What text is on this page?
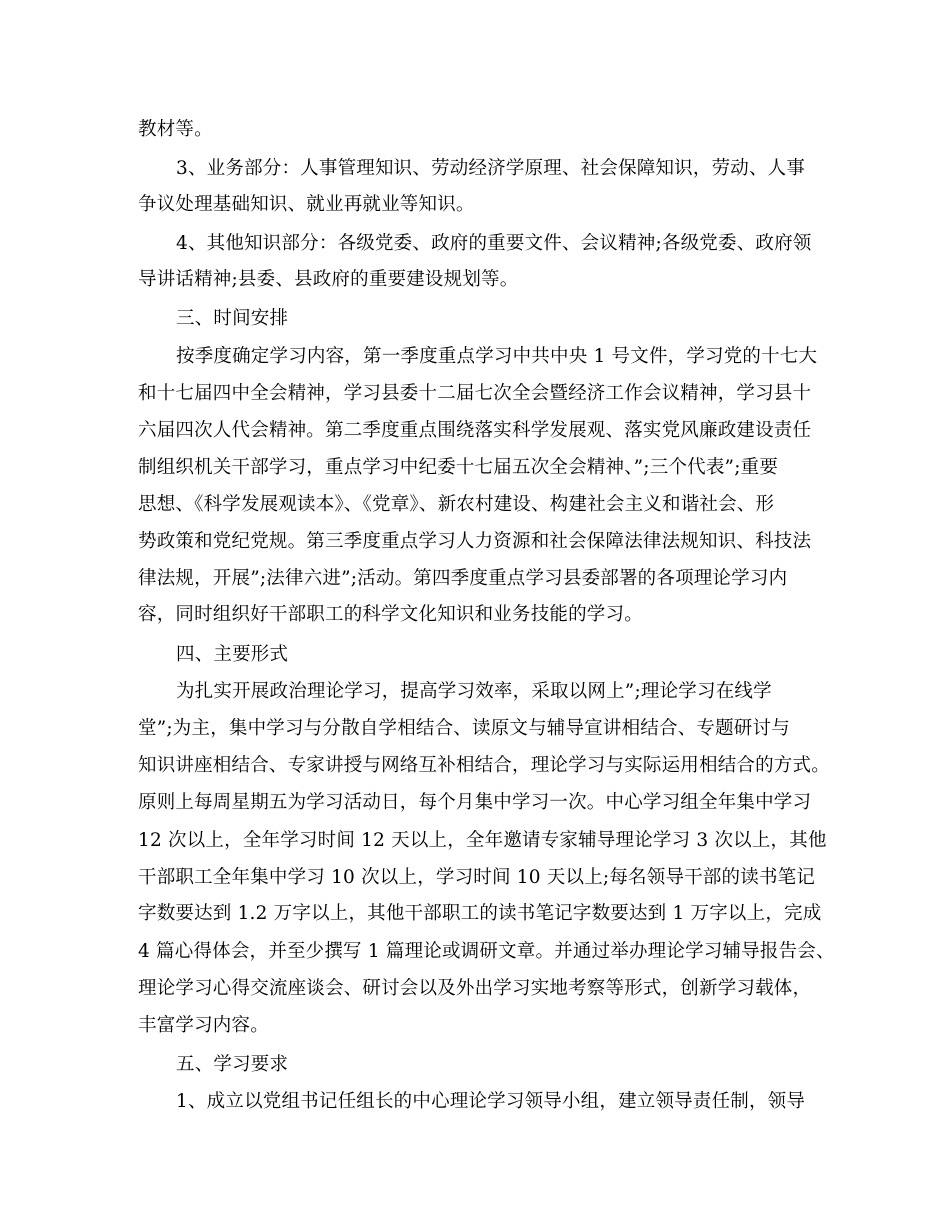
教材等。
3、业务部分：人事管理知识、劳动经济学原理、社会保障知识，劳动、人事
争议处理基础知识、就业再就业等知识。
4、其他知识部分：各级党委、政府的重要文件、会议精神;各级党委、政府领
导讲话精神;县委、县政府的重要建设规划等。
三、时间安排
按季度确定学习内容，第一季度重点学习中共中央 1 号文件，学习党的十七大
和十七届四中全会精神，学习县委十二届七次全会暨经济工作会议精神，学习县十
六届四次人代会精神。第二季度重点围绕落实科学发展观、落实党风廉政建设责任
制组织机关干部学习，重点学习中纪委十七届五次全会精神、”;三个代表”;重要
思想、《科学发展观读本》、《党章》、新农村建设、构建社会主义和谐社会、形
势政策和党纪党规。第三季度重点学习人力资源和社会保障法律法规知识、科技法
律法规，开展”;法律六进”;活动。第四季度重点学习县委部署的各项理论学习内
容，同时组织好干部职工的科学文化知识和业务技能的学习。
四、主要形式
为扎实开展政治理论学习，提高学习效率，采取以网上”;理论学习在线学
堂”;为主，集中学习与分散自学相结合、读原文与辅导宣讲相结合、专题研讨与
知识讲座相结合、专家讲授与网络互补相结合，理论学习与实际运用相结合的方式。
原则上每周星期五为学习活动日，每个月集中学习一次。中心学习组全年集中学习
12 次以上，全年学习时间 12 天以上，全年邀请专家辅导理论学习 3 次以上，其他
干部职工全年集中学习 10 次以上，学习时间 10 天以上;每名领导干部的读书笔记
字数要达到 1.2 万字以上，其他干部职工的读书笔记字数要达到 1 万字以上，完成
4 篇心得体会，并至少撰写 1 篇理论或调研文章。并通过举办理论学习辅导报告会、
理论学习心得交流座谈会、研讨会以及外出学习实地考察等形式，创新学习载体，
丰富学习内容。
五、学习要求
1、成立以党组书记任组长的中心理论学习领导小组，建立领导责任制，领导
